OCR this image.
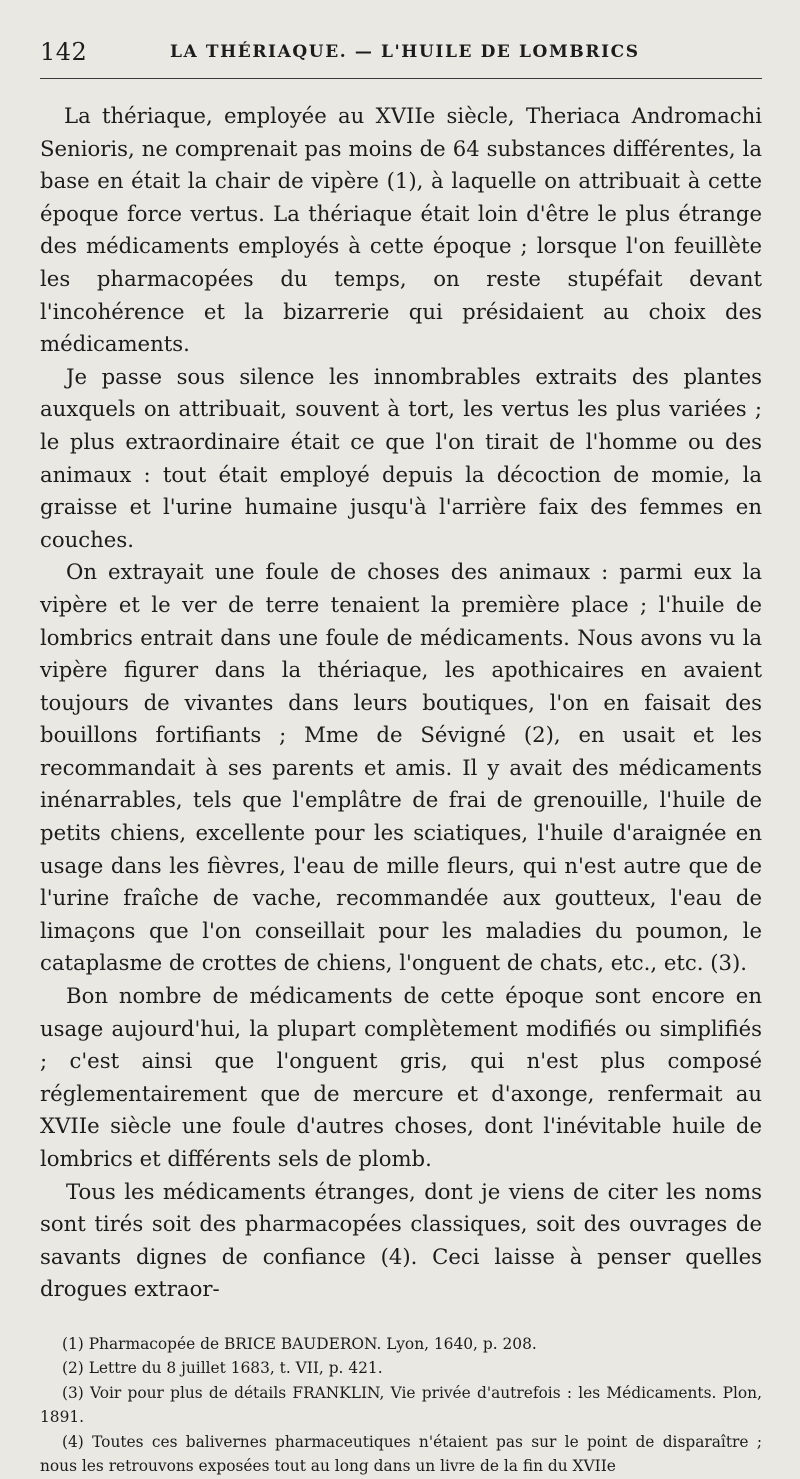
142	LA THÉRIAQUE. — L'HUILE DE LOMBRICS

La thériaque, employée au XVIIe siècle, Theriaca Andromachi Senioris, ne comprenait pas moins de 64 substances différentes, la base en était la chair de vipère (1), à laquelle on attribuait à cette époque force vertus. La thériaque était loin d'être le plus étrange des médicaments employés à cette époque ; lorsque l'on feuillète les pharmacopées du temps, on reste stupéfait devant l'incohérence et la bizarrerie qui présidaient au choix des médicaments.

Je passe sous silence les innombrables extraits des plantes auxquels on attribuait, souvent à tort, les vertus les plus variées ; le plus extraordinaire était ce que l'on tirait de l'homme ou des animaux : tout était employé depuis la décoction de momie, la graisse et l'urine humaine jusqu'à l'arrière faix des femmes en couches.

On extrayait une foule de choses des animaux : parmi eux la vipère et le ver de terre tenaient la première place ; l'huile de lombrics entrait dans une foule de médicaments. Nous avons vu la vipère figurer dans la thériaque, les apothicaires en avaient toujours de vivantes dans leurs boutiques, l'on en faisait des bouillons fortifiants ; Mme de Sévigné (2), en usait et les recommandait à ses parents et amis. Il y avait des médicaments inénarrables, tels que l'emplâtre de frai de grenouille, l'huile de petits chiens, excellente pour les sciatiques, l'huile d'araignée en usage dans les fièvres, l'eau de mille fleurs, qui n'est autre que de l'urine fraîche de vache, recommandée aux goutteux, l'eau de limaçons que l'on conseillait pour les maladies du poumon, le cataplasme de crottes de chiens, l'onguent de chats, etc., etc. (3).

Bon nombre de médicaments de cette époque sont encore en usage aujourd'hui, la plupart complètement modifiés ou simplifiés ; c'est ainsi que l'onguent gris, qui n'est plus composé réglementairement que de mercure et d'axonge, renfermait au XVIIe siècle une foule d'autres choses, dont l'inévitable huile de lombrics et différents sels de plomb.

Tous les médicaments étranges, dont je viens de citer les noms sont tirés soit des pharmacopées classiques, soit des ouvrages de savants dignes de confiance (4). Ceci laisse à penser quelles drogues extraor-

(1) Pharmacopée de BRICE BAUDERON. Lyon, 1640, p. 208.

(2) Lettre du 8 juillet 1683, t. VII, p. 421.

(3) Voir pour plus de détails FRANKLIN, Vie privée d'autrefois : les Médicaments. Plon, 1891.

(4) Toutes ces balivernes pharmaceutiques n'étaient pas sur le point de disparaître ; nous les retrouvons exposées tout au long dans un livre de la fin du XVIIe
